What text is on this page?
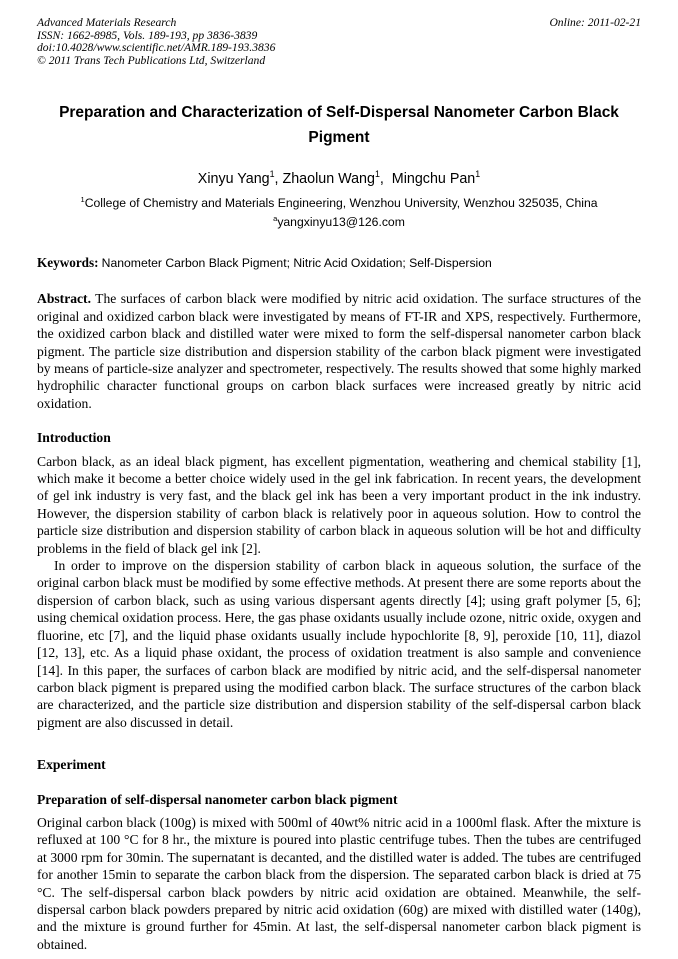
Advanced Materials Research
ISSN: 1662-8985, Vols. 189-193, pp 3836-3839
doi:10.4028/www.scientific.net/AMR.189-193.3836
© 2011 Trans Tech Publications Ltd, Switzerland
Online: 2011-02-21
Preparation and Characterization of Self-Dispersal Nanometer Carbon Black Pigment
Xinyu Yang$^1$, Zhaolun Wang$^1$,  Mingchu Pan$^1$
$^1$College of Chemistry and Materials Engineering, Wenzhou University, Wenzhou 325035, China
$^a$yangxinyu13@126.com
Keywords: Nanometer Carbon Black Pigment; Nitric Acid Oxidation; Self-Dispersion

Abstract. The surfaces of carbon black were modified by nitric acid oxidation. The surface structures of the original and oxidized carbon black were investigated by means of FT-IR and XPS, respectively. Furthermore, the oxidized carbon black and distilled water were mixed to form the self-dispersal nanometer carbon black pigment. The particle size distribution and dispersion stability of the carbon black pigment were investigated by means of particle-size analyzer and spectrometer, respectively. The results showed that some highly marked hydrophilic character functional groups on carbon black surfaces were increased greatly by nitric acid oxidation.

Introduction

Carbon black, as an ideal black pigment, has excellent pigmentation, weathering and chemical stability [1], which make it become a better choice widely used in the gel ink fabrication. In recent years, the development of gel ink industry is very fast, and the black gel ink has been a very important product in the ink industry. However, the dispersion stability of carbon black is relatively poor in aqueous solution. How to control the particle size distribution and dispersion stability of carbon black in aqueous solution will be hot and difficulty problems in the field of black gel ink [2].

In order to improve on the dispersion stability of carbon black in aqueous solution, the surface of the original carbon black must be modified by some effective methods. At present there are some reports about the dispersion of carbon black, such as using various dispersant agents directly [4]; using graft polymer [5, 6]; using chemical oxidation process. Here, the gas phase oxidants usually include ozone, nitric oxide, oxygen and fluorine, etc [7], and the liquid phase oxidants usually include hypochlorite [8, 9], peroxide [10, 11], diazol [12, 13], etc. As a liquid phase oxidant, the process of oxidation treatment is also sample and convenience [14]. In this paper, the surfaces of carbon black are modified by nitric acid, and the self-dispersal nanometer carbon black pigment is prepared using the modified carbon black. The surface structures of the carbon black are characterized, and the particle size distribution and dispersion stability of the self-dispersal carbon black pigment are also discussed in detail.

Experiment

Preparation of self-dispersal nanometer carbon black pigment

Original carbon black (100g) is mixed with 500ml of 40wt% nitric acid in a 1000ml flask. After the mixture is refluxed at 100 °C for 8 hr., the mixture is poured into plastic centrifuge tubes. Then the tubes are centrifuged at 3000 rpm for 30min. The supernatant is decanted, and the distilled water is added. The tubes are centrifuged for another 15min to separate the carbon black from the dispersion. The separated carbon black is dried at 75 °C. The self-dispersal carbon black powders by nitric acid oxidation are obtained. Meanwhile, the self-dispersal carbon black powders prepared by nitric acid oxidation (60g) are mixed with distilled water (140g), and the mixture is ground further for 45min. At last, the self-dispersal nanometer carbon black pigment is obtained.
